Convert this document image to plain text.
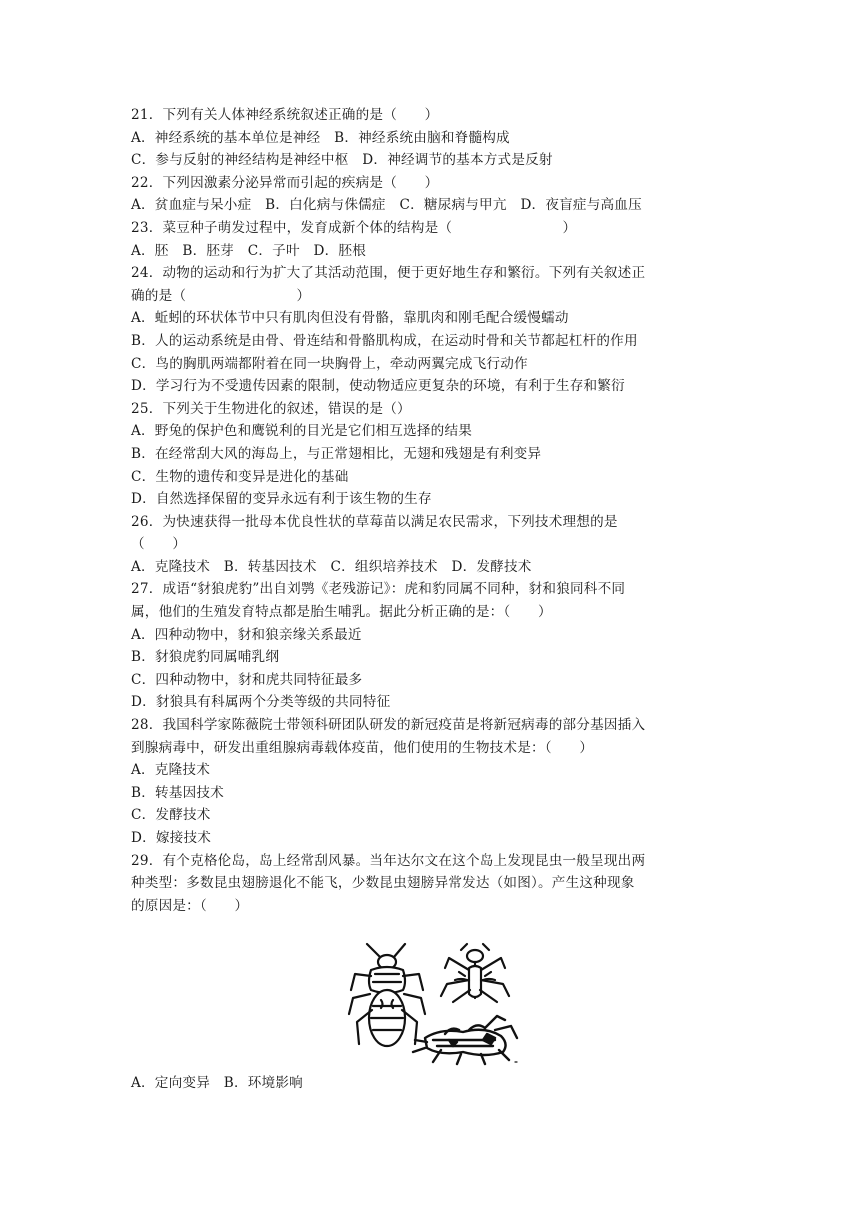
21．下列有关人体神经系统叙述正确的是（　　）
A．神经系统的基本单位是神经　B．神经系统由脑和脊髓构成
C．参与反射的神经结构是神经中枢　D．神经调节的基本方式是反射
22．下列因激素分泌异常而引起的疾病是（　　）
A．贫血症与呆小症　B．白化病与侏儒症　C．糖尿病与甲亢　D．夜盲症与高血压
23．菜豆种子萌发过程中，发育成新个体的结构是（　　　　　　　　）
A．胚　B．胚芽　C．子叶　D．胚根
24．动物的运动和行为扩大了其活动范围，便于更好地生存和繁衍。下列有关叙述正
确的是（　　　　　　　　）
A．蚯蚓的环状体节中只有肌肉但没有骨骼，靠肌肉和刚毛配合缓慢蠕动
B．人的运动系统是由骨、骨连结和骨骼肌构成，在运动时骨和关节都起杠杆的作用
C．鸟的胸肌两端都附着在同一块胸骨上，牵动两翼完成飞行动作
D．学习行为不受遗传因素的限制，使动物适应更复杂的环境，有利于生存和繁衍
25．下列关于生物进化的叙述，错误的是（）
A．野兔的保护色和鹰锐利的目光是它们相互选择的结果
B．在经常刮大风的海岛上，与正常翅相比，无翅和残翅是有利变异
C．生物的遗传和变异是进化的基础
D．自然选择保留的变异永远有利于该生物的生存
26．为快速获得一批母本优良性状的草莓苗以满足农民需求，下列技术理想的是
（　　）
A．克隆技术　B．转基因技术　C．组织培养技术　D．发酵技术
27．成语“豺狼虎豹”出自刘鹗《老残游记》：虎和豹同属不同种，豺和狼同科不同
属，他们的生殖发育特点都是胎生哺乳。据此分析正确的是：（　　）
A．四种动物中，豺和狼亲缘关系最近
B．豺狼虎豹同属哺乳纲
C．四种动物中，豺和虎共同特征最多
D．豺狼具有科属两个分类等级的共同特征
28．我国科学家陈薇院士带领科研团队研发的新冠疫苗是将新冠病毒的部分基因插入
到腺病毒中，研发出重组腺病毒载体疫苗，他们使用的生物技术是：（　　）
A．克隆技术
B．转基因技术
C．发酵技术
D．嫁接技术
29．有个克格伦岛，岛上经常刮风暴。当年达尔文在这个岛上发现昆虫一般呈现出两
种类型：多数昆虫翅膀退化不能飞，少数昆虫翅膀异常发达（如图）。产生这种现象
的原因是：（　　）
A．定向变异　B．环境影响
